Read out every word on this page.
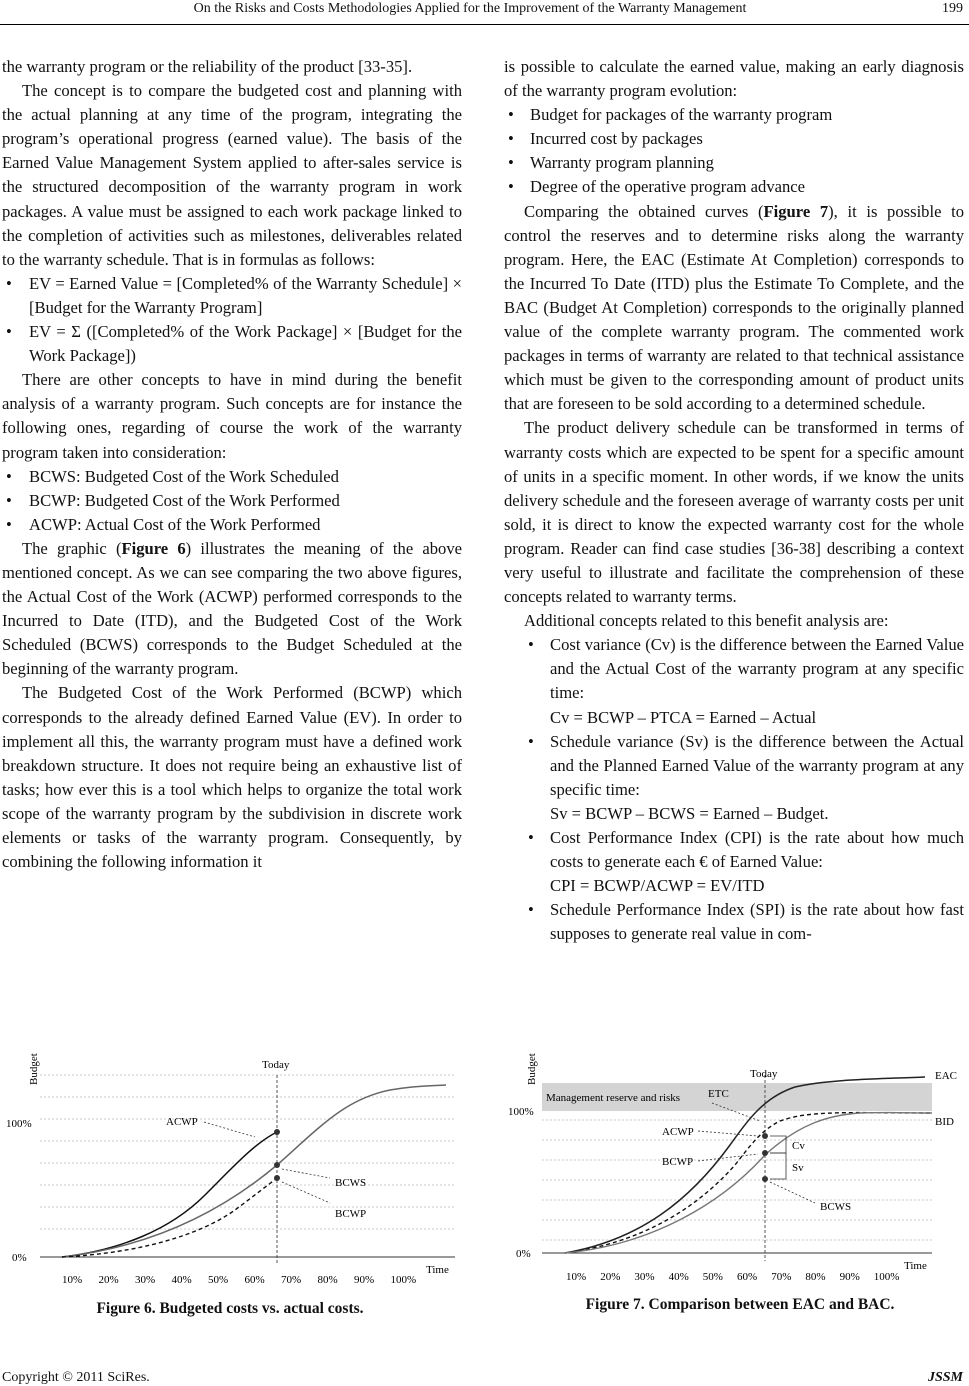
On the Risks and Costs Methodologies Applied for the Improvement of the Warranty Management	199

the warranty program or the reliability of the product [33-35].

The concept is to compare the budgeted cost and planning with the actual planning at any time of the program, integrating the program’s operational progress (earned value). The basis of the Earned Value Management System applied to after-sales service is the structured decomposition of the warranty program in work packages. A value must be assigned to each work package linked to the completion of activities such as milestones, deliverables related to the warranty schedule. That is in formulas as follows:

• EV = Earned Value = [Completed% of the Warranty Schedule] × [Budget for the Warranty Program]
• EV = Σ ([Completed% of the Work Package] × [Budget for the Work Package])

There are other concepts to have in mind during the benefit analysis of a warranty program. Such concepts are for instance the following ones, regarding of course the work of the warranty program taken into consideration:

• BCWS: Budgeted Cost of the Work Scheduled
• BCWP: Budgeted Cost of the Work Performed
• ACWP: Actual Cost of the Work Performed

The graphic (Figure 6) illustrates the meaning of the above mentioned concept. As we can see comparing the two above figures, the Actual Cost of the Work (ACWP) performed corresponds to the Incurred to Date (ITD), and the Budgeted Cost of the Work Scheduled (BCWS) corresponds to the Budget Scheduled at the beginning of the warranty program.

The Budgeted Cost of the Work Performed (BCWP) which corresponds to the already defined Earned Value (EV). In order to implement all this, the warranty program must have a defined work breakdown structure. It does not require being an exhaustive list of tasks; how ever this is a tool which helps to organize the total work scope of the warranty program by the subdivision in discrete work elements or tasks of the warranty program. Consequently, by combining the following information it

is possible to calculate the earned value, making an early diagnosis of the warranty program evolution:

• Budget for packages of the warranty program
• Incurred cost by packages
• Warranty program planning
• Degree of the operative program advance

Comparing the obtained curves (Figure 7), it is possible to control the reserves and to determine risks along the warranty program. Here, the EAC (Estimate At Completion) corresponds to the Incurred To Date (ITD) plus the Estimate To Complete, and the BAC (Budget At Completion) corresponds to the originally planned value of the complete warranty program. The commented work packages in terms of warranty are related to that technical assistance which must be given to the corresponding amount of product units that are foreseen to be sold according to a determined schedule.

The product delivery schedule can be transformed in terms of warranty costs which are expected to be spent for a specific amount of units in a specific moment. In other words, if we know the units delivery schedule and the foreseen average of warranty costs per unit sold, it is direct to know the expected warranty cost for the whole program. Reader can find case studies [36-38] describing a context very useful to illustrate and facilitate the comprehension of these concepts related to warranty terms.

Additional concepts related to this benefit analysis are:

• Cost variance (Cv) is the difference between the Earned Value and the Actual Cost of the warranty program at any specific time:
Cv = BCWP – PTCA = Earned – Actual
• Schedule variance (Sv) is the difference between the Actual and the Planned Earned Value of the warranty program at any specific time:
Sv = BCWP – BCWS = Earned – Budget.
• Cost Performance Index (CPI) is the rate about how much costs to generate each € of Earned Value:
CPI = BCWP/ACWP = EV/ITD
• Schedule Performance Index (SPI) is the rate about how fast supposes to generate real value in com-
Budget
100%
0%
10% 20% 30% 40% 50% 60% 70% 80% 90% 100%
Time
Today
ACWP
BCWS
BCWP
Figure 6. Budgeted costs vs. actual costs.
Management reserve and risks
Budget
100%
0%
10% 20% 30% 40% 50% 60% 70% 80% 90% 100%
Time
Today
ETC
ACWP
BCWP
Cv
Sv
BCWS
EAC
BID
Figure 7. Comparison between EAC and BAC.
Copyright © 2011 SciRes.	JSSM
